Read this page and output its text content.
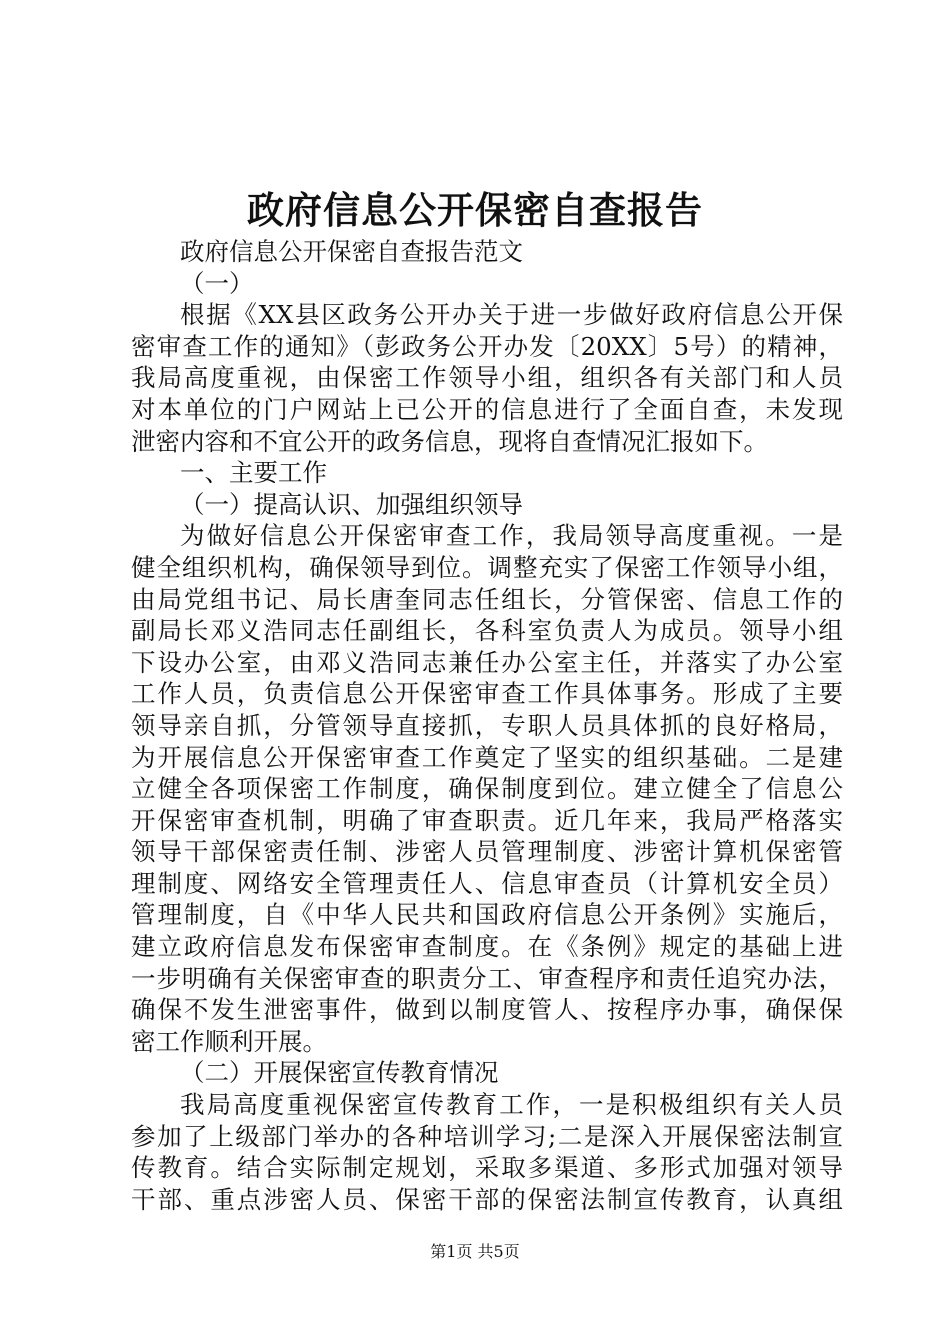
政府信息公开保密自查报告
政府信息公开保密自查报告范文
（一）
根据《XX县区政务公开办关于进一步做好政府信息公开保
密审查工作的通知》（彭政务公开办发〔20XX〕5号）的精神，
我局高度重视，由保密工作领导小组，组织各有关部门和人员
对本单位的门户网站上已公开的信息进行了全面自查，未发现
泄密内容和不宜公开的政务信息，现将自查情况汇报如下。
一、主要工作
（一）提高认识、加强组织领导
为做好信息公开保密审查工作，我局领导高度重视。一是
健全组织机构，确保领导到位。调整充实了保密工作领导小组，
由局党组书记、局长唐奎同志任组长，分管保密、信息工作的
副局长邓义浩同志任副组长，各科室负责人为成员。领导小组
下设办公室，由邓义浩同志兼任办公室主任，并落实了办公室
工作人员，负责信息公开保密审查工作具体事务。形成了主要
领导亲自抓，分管领导直接抓，专职人员具体抓的良好格局，
为开展信息公开保密审查工作奠定了坚实的组织基础。二是建
立健全各项保密工作制度，确保制度到位。建立健全了信息公
开保密审查机制，明确了审查职责。近几年来，我局严格落实
领导干部保密责任制、涉密人员管理制度、涉密计算机保密管
理制度、网络安全管理责任人、信息审查员（计算机安全员）
管理制度，自《中华人民共和国政府信息公开条例》实施后，
建立政府信息发布保密审查制度。在《条例》规定的基础上进
一步明确有关保密审查的职责分工、审查程序和责任追究办法，
确保不发生泄密事件，做到以制度管人、按程序办事，确保保
密工作顺利开展。
（二）开展保密宣传教育情况
我局高度重视保密宣传教育工作，一是积极组织有关人员
参加了上级部门举办的各种培训学习;二是深入开展保密法制宣
传教育。结合实际制定规划，采取多渠道、多形式加强对领导
干部、重点涉密人员、保密干部的保密法制宣传教育，认真组
第1页 共5页
